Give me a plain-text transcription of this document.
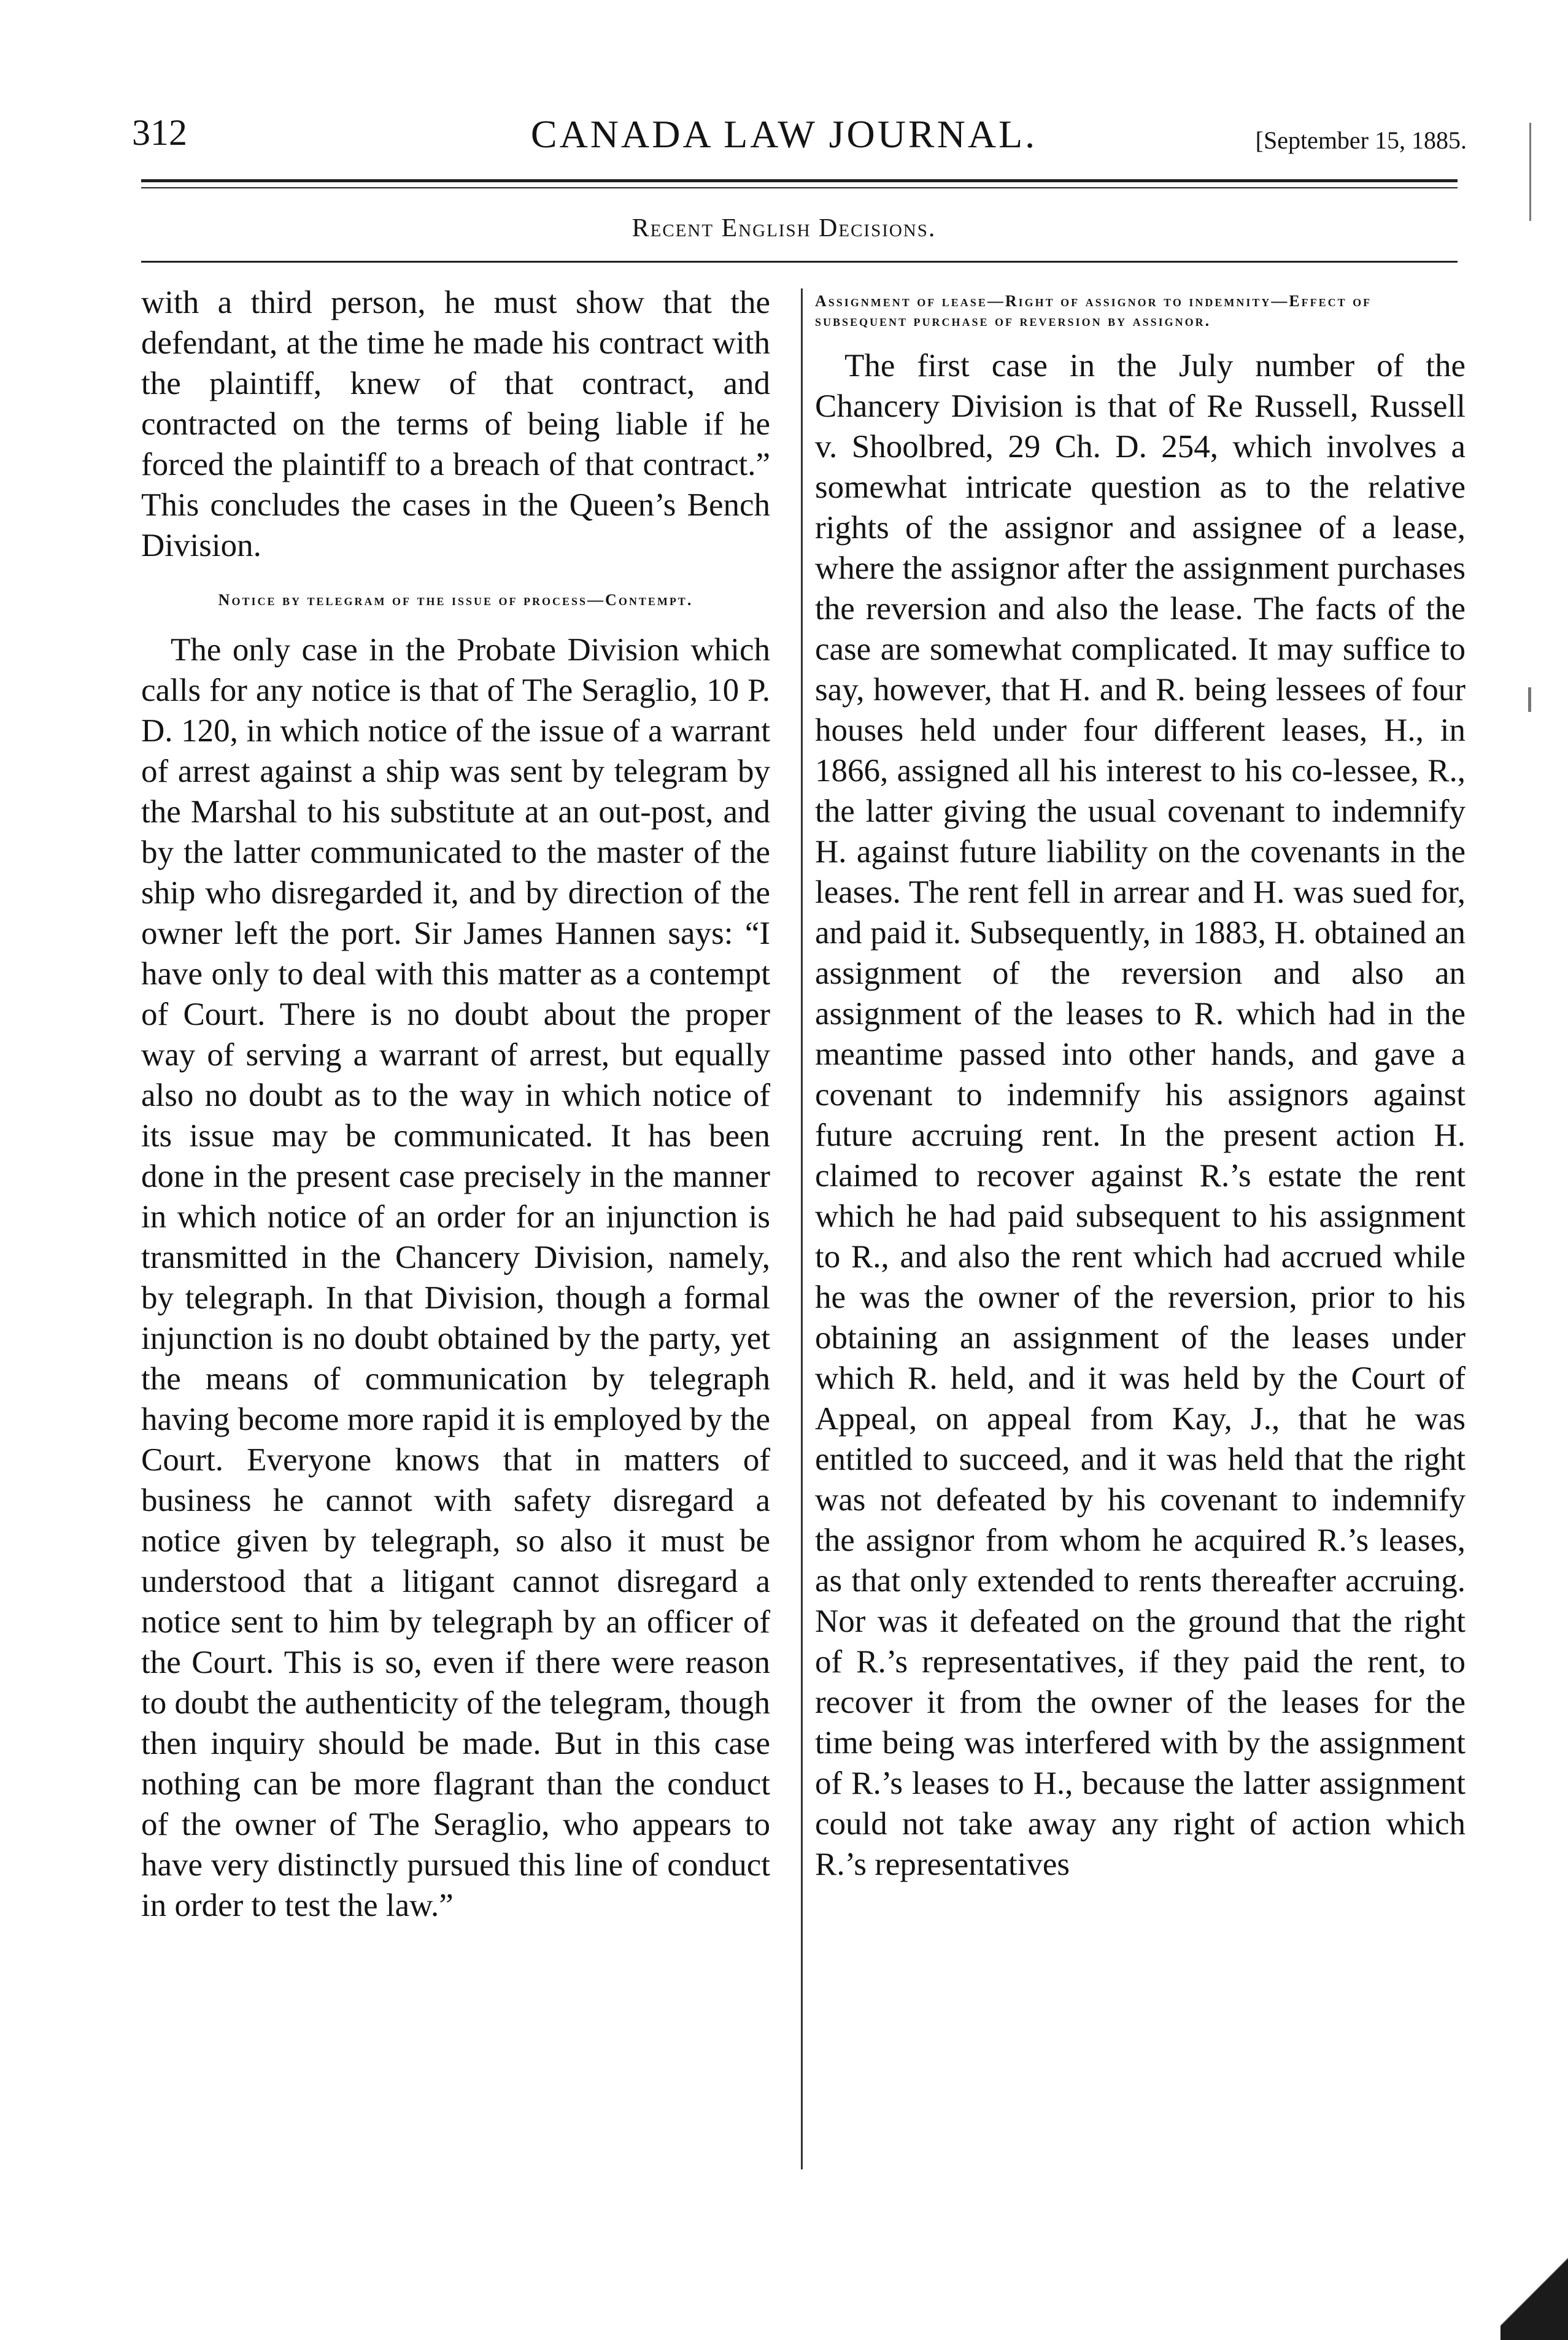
312	CANADA LAW JOURNAL.	[September 15, 1885.
Recent English Decisions.

with a third person, he must show that the defendant, at the time he made his contract with the plaintiff, knew of that contract, and contracted on the terms of being liable if he forced the plaintiff to a breach of that contract.” This concludes the cases in the Queen’s Bench Division.

Notice by telegram of the issue of process—Contempt.

The only case in the Probate Division which calls for any notice is that of The Seraglio, 10 P. D. 120, in which notice of the issue of a warrant of arrest against a ship was sent by telegram by the Marshal to his substitute at an out-post, and by the latter communicated to the master of the ship who disregarded it, and by direction of the owner left the port. Sir James Hannen says: “I have only to deal with this matter as a contempt of Court. There is no doubt about the proper way of serving a warrant of arrest, but equally also no doubt as to the way in which notice of its issue may be communicated. It has been done in the present case precisely in the manner in which notice of an order for an injunction is transmitted in the Chancery Division, namely, by telegraph. In that Division, though a formal injunction is no doubt obtained by the party, yet the means of communication by telegraph having become more rapid it is employed by the Court. Everyone knows that in matters of business he cannot with safety disregard a notice given by telegraph, so also it must be understood that a litigant cannot disregard a notice sent to him by telegraph by an officer of the Court. This is so, even if there were reason to doubt the authenticity of the telegram, though then inquiry should be made. But in this case nothing can be more flagrant than the conduct of the owner of The Seraglio, who appears to have very distinctly pursued this line of conduct in order to test the law.”

Assignment of lease—Right of assignor to indemnity—Effect of subsequent purchase of reversion by assignor.

The first case in the July number of the Chancery Division is that of Re Russell, Russell v. Shoolbred, 29 Ch. D. 254, which involves a somewhat intricate question as to the relative rights of the assignor and assignee of a lease, where the assignor after the assignment purchases the reversion and also the lease. The facts of the case are somewhat complicated. It may suffice to say, however, that H. and R. being lessees of four houses held under four different leases, H., in 1866, assigned all his interest to his co-lessee, R., the latter giving the usual covenant to indemnify H. against future liability on the covenants in the leases. The rent fell in arrear and H. was sued for, and paid it. Subsequently, in 1883, H. obtained an assignment of the reversion and also an assignment of the leases to R. which had in the meantime passed into other hands, and gave a covenant to indemnify his assignors against future accruing rent. In the present action H. claimed to recover against R.’s estate the rent which he had paid subsequent to his assignment to R., and also the rent which had accrued while he was the owner of the reversion, prior to his obtaining an assignment of the leases under which R. held, and it was held by the Court of Appeal, on appeal from Kay, J., that he was entitled to succeed, and it was held that the right was not defeated by his covenant to indemnify the assignor from whom he acquired R.’s leases, as that only extended to rents thereafter accruing. Nor was it defeated on the ground that the right of R.’s representatives, if they paid the rent, to recover it from the owner of the leases for the time being was interfered with by the assignment of R.’s leases to H., because the latter assignment could not take away any right of action which R.’s representatives
